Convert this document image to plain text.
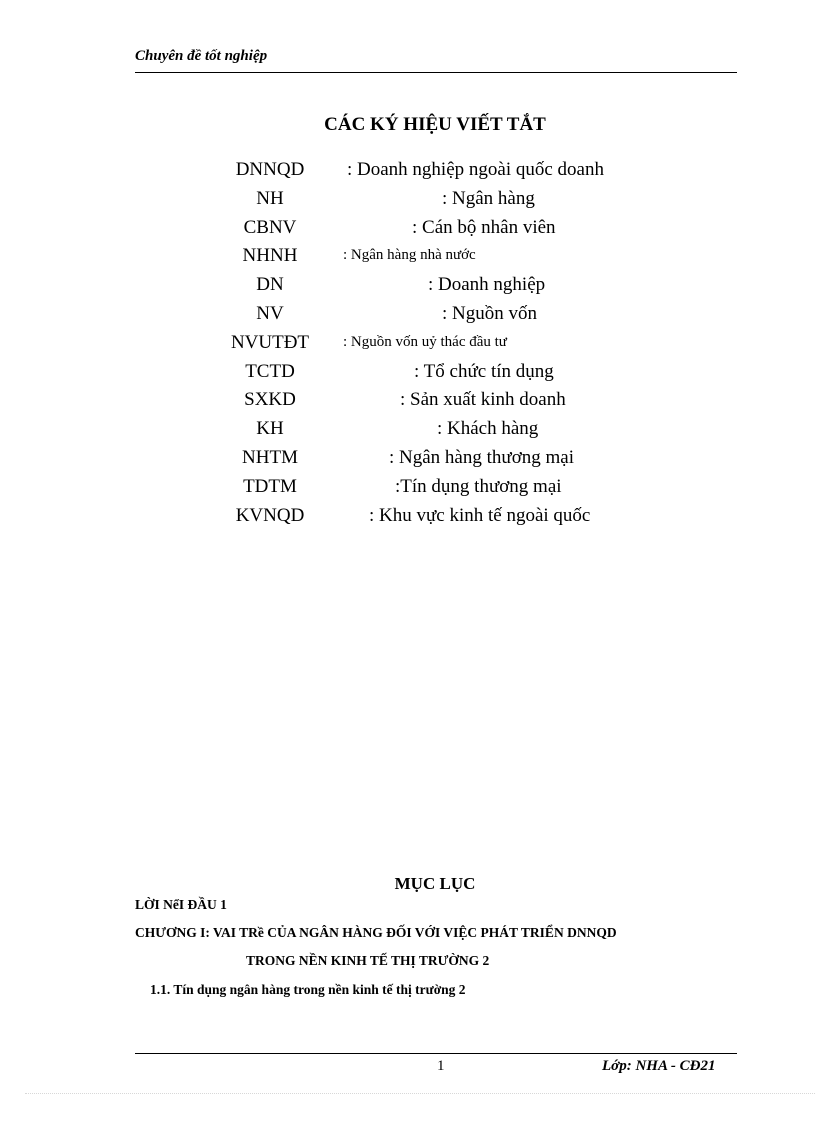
Chuyên đề tốt nghiệp
CÁC KÝ HIỆU VIẾT TẮT
DNNQD	: Doanh nghiệp ngoài quốc doanh
NH	: Ngân hàng
CBNV	: Cán bộ nhân viên
NHNH	: Ngân hàng nhà nước
DN	: Doanh nghiệp
NV	: Nguồn vốn
NVUTĐT	: Nguồn vốn uỷ thác đầu tư
TCTD	: Tổ chức tín dụng
SXKD	: Sản xuất kinh doanh
KH	: Khách hàng
NHTM	: Ngân hàng thương mại
TDTM	:Tín dụng thương mại
KVNQD	: Khu vực kinh tế ngoài quốc
MỤC LỤC
LỜI NểI ĐẦU 1
CHƯƠNG I: VAI TRề CỦA NGÂN HÀNG ĐỐI VỚI VIỆC PHÁT TRIỂN DNNQD
TRONG NỀN KINH TẾ THỊ TRƯỜNG 2
1.1. Tín dụng ngân hàng trong nền kinh tế thị trường 2
1	Lớp: NHA - CĐ21
